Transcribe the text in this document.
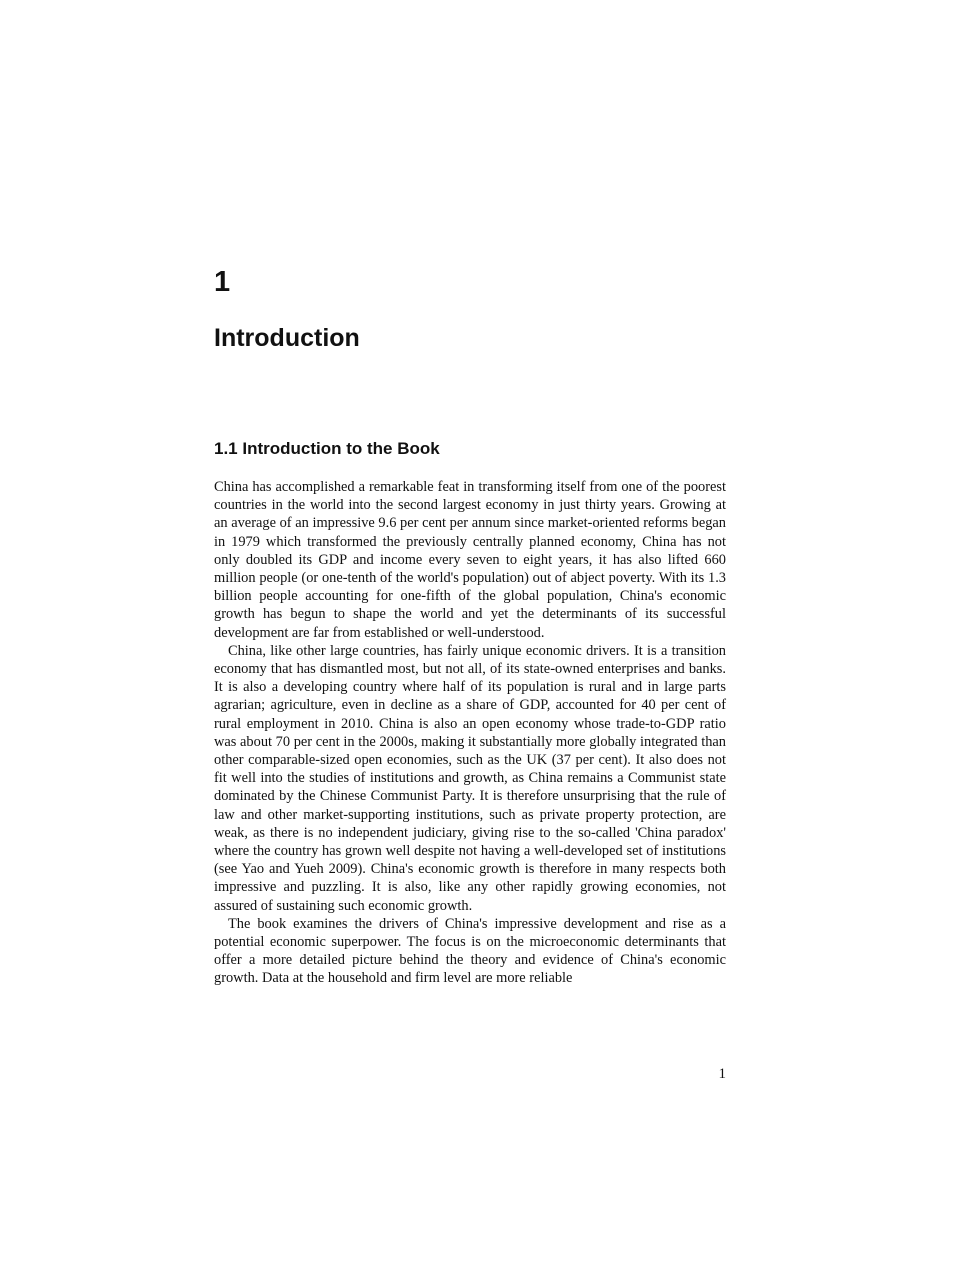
1
Introduction
1.1 Introduction to the Book

China has accomplished a remarkable feat in transforming itself from one of the poorest countries in the world into the second largest economy in just thirty years. Growing at an average of an impressive 9.6 per cent per annum since market-oriented reforms began in 1979 which transformed the previously centrally planned economy, China has not only doubled its GDP and income every seven to eight years, it has also lifted 660 million people (or one-tenth of the world's population) out of abject poverty. With its 1.3 billion people accounting for one-fifth of the global population, China's economic growth has begun to shape the world and yet the determinants of its successful development are far from established or well-understood.

China, like other large countries, has fairly unique economic drivers. It is a transition economy that has dismantled most, but not all, of its state-owned enterprises and banks. It is also a developing country where half of its population is rural and in large parts agrarian; agriculture, even in decline as a share of GDP, accounted for 40 per cent of rural employment in 2010. China is also an open economy whose trade-to-GDP ratio was about 70 per cent in the 2000s, making it substantially more globally integrated than other comparable-sized open economies, such as the UK (37 per cent). It also does not fit well into the studies of institutions and growth, as China remains a Communist state dominated by the Chinese Communist Party. It is therefore unsurprising that the rule of law and other market-supporting institutions, such as private property protection, are weak, as there is no independent judiciary, giving rise to the so-called 'China paradox' where the country has grown well despite not having a well-developed set of institutions (see Yao and Yueh 2009). China's economic growth is therefore in many respects both impressive and puzzling. It is also, like any other rapidly growing economies, not assured of sustaining such economic growth.

The book examines the drivers of China's impressive development and rise as a potential economic superpower. The focus is on the microeconomic determinants that offer a more detailed picture behind the theory and evidence of China's economic growth. Data at the household and firm level are more reliable

1
